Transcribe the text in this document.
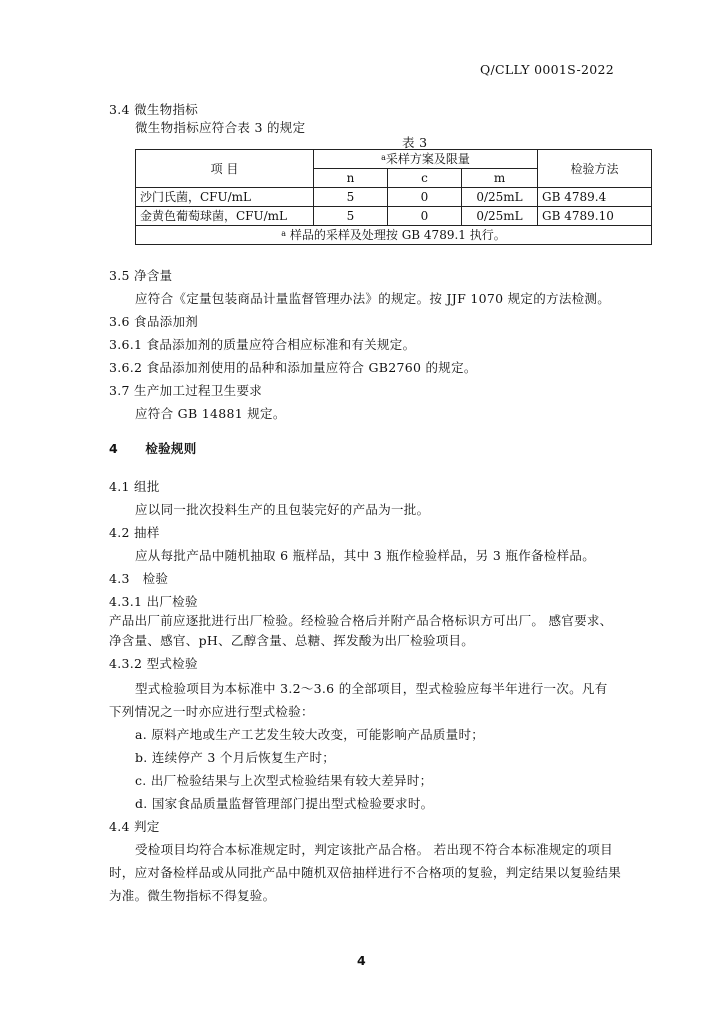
Q/CLLY 0001S-2022
3.4 微生物指标
微生物指标应符合表 3 的规定
表 3
项 目	$^a$采样方案及限量			检验方法
	n	c	m	
沙门氏菌，CFU/mL	5	0	0/25mL	GB 4789.4
金黄色葡萄球菌，CFU/mL	5	0	0/25mL	GB 4789.10
$^a$ 样品的采样及处理按 GB 4789.1 执行。				
3.5 净含量
应符合《定量包装商品计量监督管理办法》的规定。按 JJF 1070 规定的方法检测。
3.6 食品添加剂
3.6.1 食品添加剂的质量应符合相应标准和有关规定。
3.6.2 食品添加剂使用的品种和添加量应符合 GB2760 的规定。
3.7 生产加工过程卫生要求
应符合 GB 14881 规定。
4 检验规则
4.1 组批
应以同一批次投料生产的且包装完好的产品为一批。
4.2 抽样
应从每批产品中随机抽取 6 瓶样品，其中 3 瓶作检验样品，另 3 瓶作备检样品。
4.3　检验
4.3.1 出厂检验
产品出厂前应逐批进行出厂检验。经检验合格后并附产品合格标识方可出厂。 感官要求、
净含量、感官、pH、乙醇含量、总糖、挥发酸为出厂检验项目。
4.3.2 型式检验
型式检验项目为本标准中 3.2～3.6 的全部项目，型式检验应每半年进行一次。凡有
下列情况之一时亦应进行型式检验：
a. 原料产地或生产工艺发生较大改变，可能影响产品质量时；
b. 连续停产 3 个月后恢复生产时；
c. 出厂检验结果与上次型式检验结果有较大差异时；
d. 国家食品质量监督管理部门提出型式检验要求时。
4.4 判定
受检项目均符合本标准规定时，判定该批产品合格。 若出现不符合本标准规定的项目
时，应对备检样品或从同批产品中随机双倍抽样进行不合格项的复验，判定结果以复验结果
为准。微生物指标不得复验。
4
